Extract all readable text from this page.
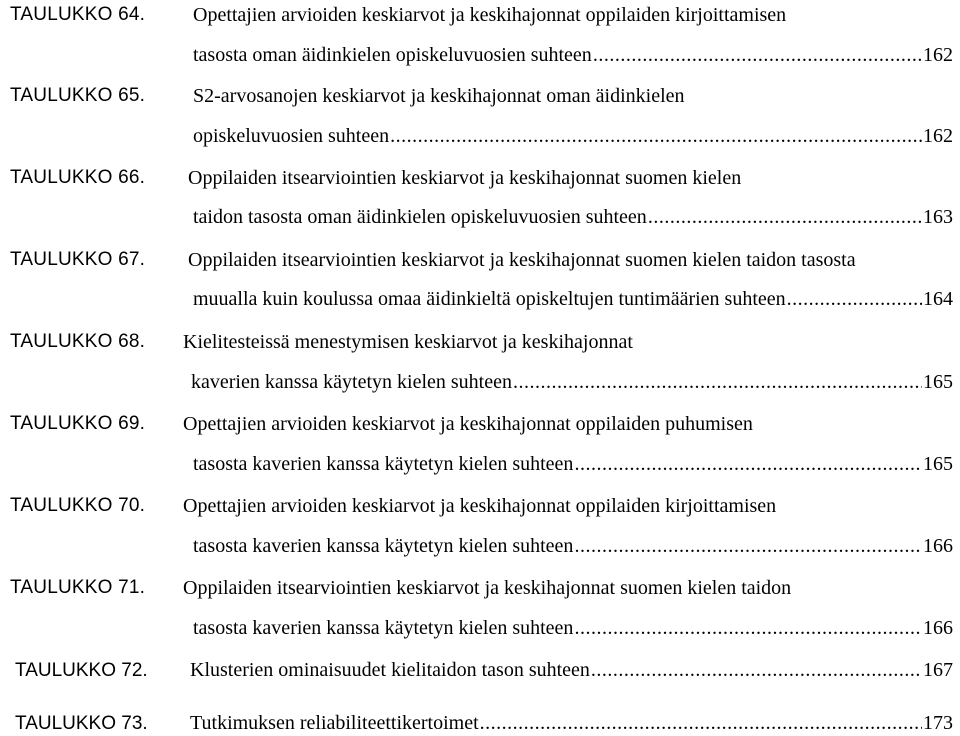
TAULUKKO 64. Opettajien arvioiden keskiarvot ja keskihajonnat oppilaiden kirjoittamisen
tasosta oman äidinkielen opiskeluvuosien suhteen .....	162
TAULUKKO 65. S2-arvosanojen keskiarvot ja keskihajonnat oman äidinkielen
opiskeluvuosien suhteen .....	162
TAULUKKO 66. Oppilaiden itsearviointien keskiarvot ja keskihajonnat suomen kielen
taidon tasosta oman äidinkielen opiskeluvuosien suhteen .....	163
TAULUKKO 67. Oppilaiden itsearviointien keskiarvot ja keskihajonnat suomen kielen taidon tasosta
muualla kuin koulussa omaa äidinkieltä opiskeltujen tuntimäärien suhteen .....	164
TAULUKKO 68. Kielitesteissä menestymisen keskiarvot ja keskihajonnat
kaverien kanssa käytetyn kielen suhteen .....	165
TAULUKKO 69. Opettajien arvioiden keskiarvot ja keskihajonnat oppilaiden puhumisen
tasosta kaverien kanssa käytetyn kielen suhteen .....	165
TAULUKKO 70. Opettajien arvioiden keskiarvot ja keskihajonnat oppilaiden kirjoittamisen
tasosta kaverien kanssa käytetyn kielen suhteen .....	166
TAULUKKO 71. Oppilaiden itsearviointien keskiarvot ja keskihajonnat suomen kielen taidon
tasosta kaverien kanssa käytetyn kielen suhteen .....	166
TAULUKKO 72.	Klusterien ominaisuudet kielitaidon tason suhteen .....	167
TAULUKKO 73.	Tutkimuksen reliabiliteettikertoimet .....	173
